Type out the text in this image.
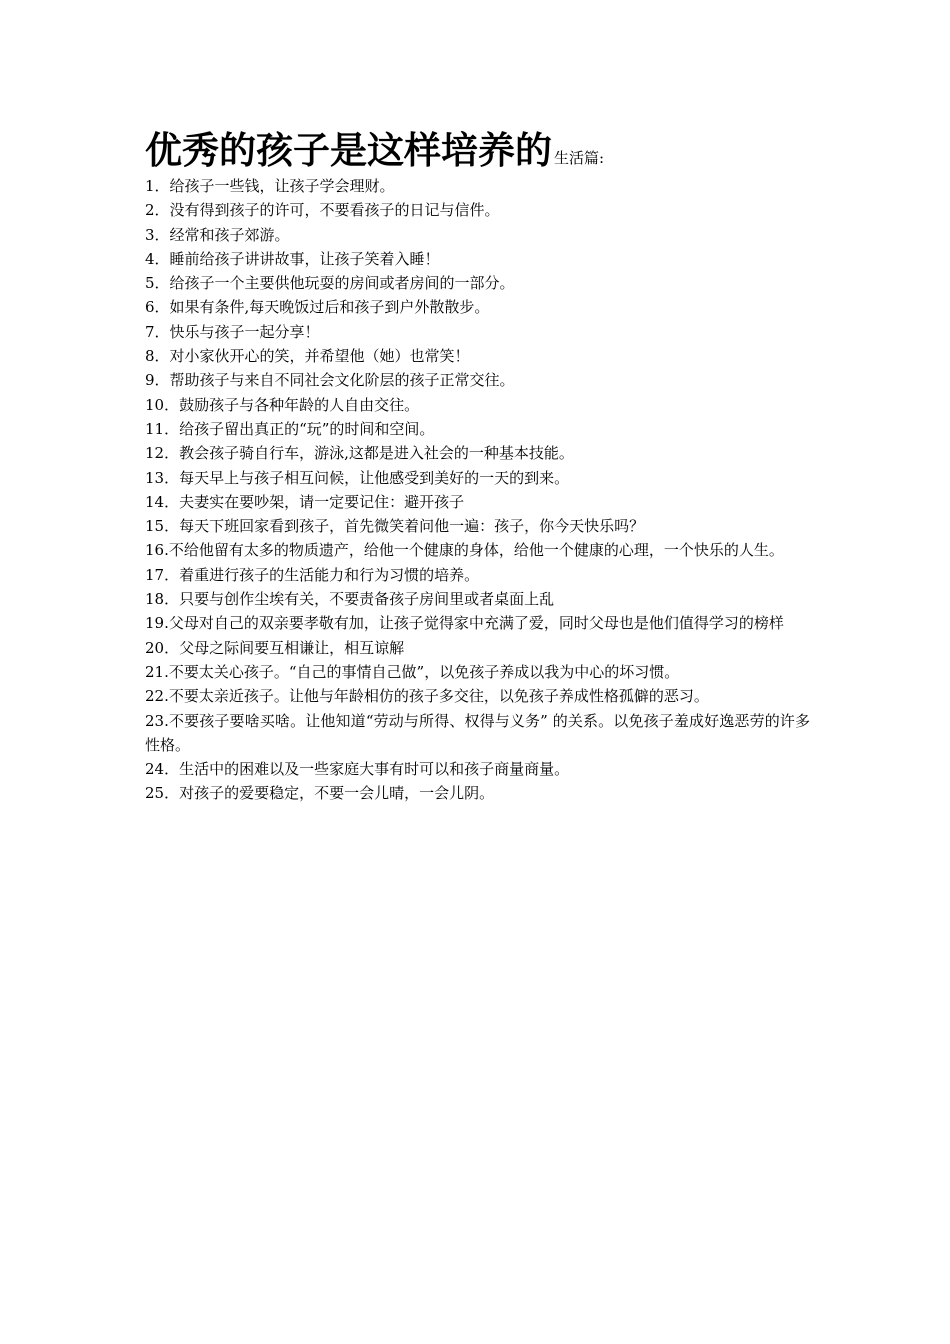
优秀的孩子是这样培养的 生活篇:
1．给孩子一些钱，让孩子学会理财。
2．没有得到孩子的许可，不要看孩子的日记与信件。
3．经常和孩子郊游。
4．睡前给孩子讲讲故事，让孩子笑着入睡！
5．给孩子一个主要供他玩耍的房间或者房间的一部分。
6．如果有条件,每天晚饭过后和孩子到户外散散步。
7．快乐与孩子一起分享！
8．对小家伙开心的笑，并希望他（她）也常笑！
9．帮助孩子与来自不同社会文化阶层的孩子正常交往。
10．鼓励孩子与各种年龄的人自由交往。
11．给孩子留出真正的“玩”的时间和空间。
12．教会孩子骑自行车，游泳,这都是进入社会的一种基本技能。
13．每天早上与孩子相互问候，让他感受到美好的一天的到来。
14．夫妻实在要吵架，请一定要记住：避开孩子
15．每天下班回家看到孩子，首先微笑着问他一遍：孩子，你今天快乐吗？
16.不给他留有太多的物质遗产，给他一个健康的身体，给他一个健康的心理，一个快乐的人生。
17．着重进行孩子的生活能力和行为习惯的培养。
18．只要与创作尘埃有关，不要责备孩子房间里或者桌面上乱
19.父母对自己的双亲要孝敬有加，让孩子觉得家中充满了爱，同时父母也是他们值得学习的榜样
20．父母之际间要互相谦让，相互谅解
21.不要太关心孩子。“自己的事情自己做”，以免孩子养成以我为中心的坏习惯。
22.不要太亲近孩子。让他与年龄相仿的孩子多交往，以免孩子养成性格孤僻的恶习。
23.不要孩子要啥买啥。让他知道“劳动与所得、权得与义务” 的关系。以免孩子羞成好逸恶劳的许多性格。
24．生活中的困难以及一些家庭大事有时可以和孩子商量商量。
25．对孩子的爱要稳定，不要一会儿晴，一会儿阴。
